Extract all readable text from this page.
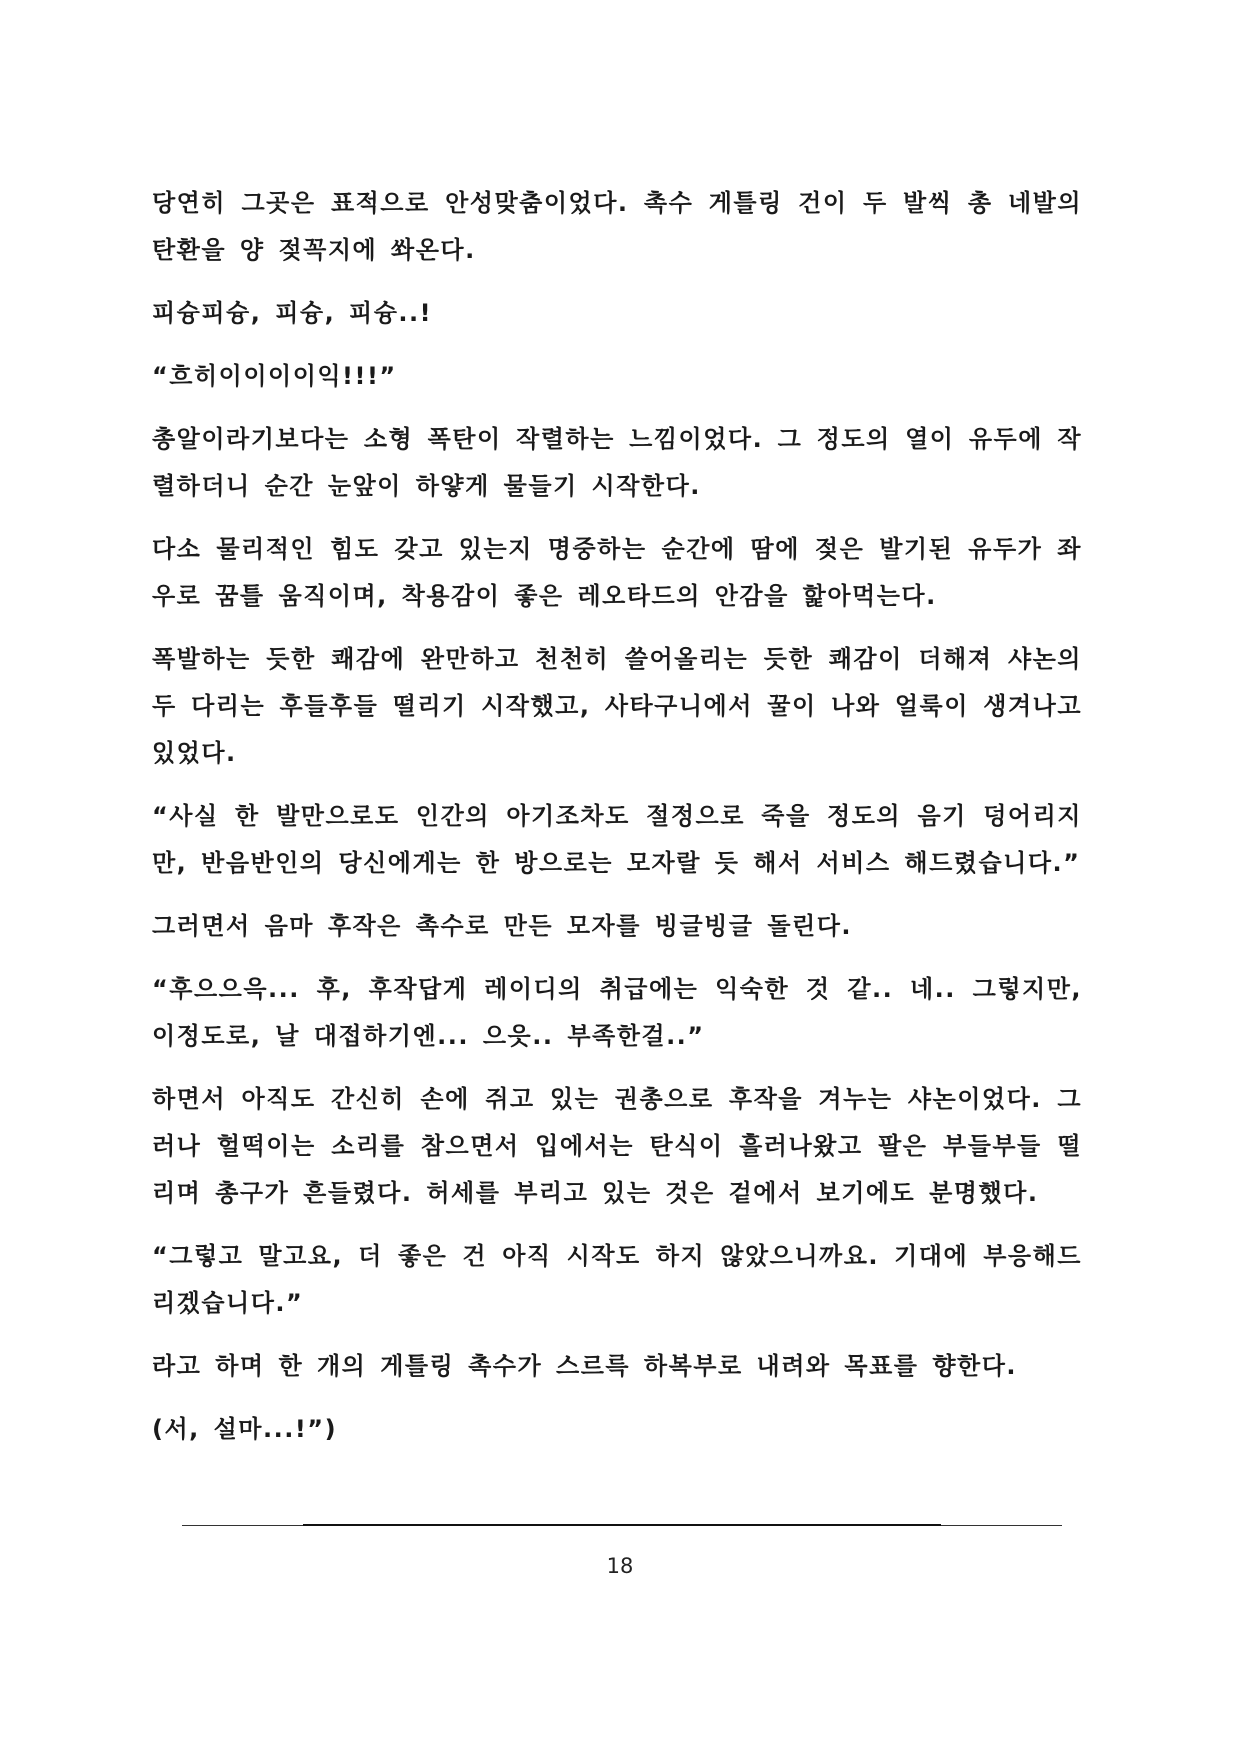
당연히 그곳은 표적으로 안성맞춤이었다. 촉수 게틀링 건이 두 발씩 총 네발의 탄환을 양 젖꼭지에 쏴온다.

피슝피슝, 피슝, 피슝..!

“흐히이이이이익!!!”

총알이라기보다는 소형 폭탄이 작렬하는 느낌이었다. 그 정도의 열이 유두에 작렬하더니 순간 눈앞이 하얗게 물들기 시작한다.

다소 물리적인 힘도 갖고 있는지 명중하는 순간에 땀에 젖은 발기된 유두가 좌우로 꿈틀 움직이며, 착용감이 좋은 레오타드의 안감을 핥아먹는다.

폭발하는 듯한 쾌감에 완만하고 천천히 쓸어올리는 듯한 쾌감이 더해져 샤논의 두 다리는 후들후들 떨리기 시작했고, 사타구니에서 꿀이 나와 얼룩이 생겨나고 있었다.

“사실 한 발만으로도 인간의 아기조차도 절정으로 죽을 정도의 음기 덩어리지만, 반음반인의 당신에게는 한 방으로는 모자랄 듯 해서 서비스 해드렸습니다.”

그러면서 음마 후작은 촉수로 만든 모자를 빙글빙글 돌린다.

“후으으윽... 후, 후작답게 레이디의 취급에는 익숙한 것 같.. 네.. 그렇지만, 이정도로, 날 대접하기엔... 으읏.. 부족한걸..”

하면서 아직도 간신히 손에 쥐고 있는 권총으로 후작을 겨누는 샤논이었다. 그러나 헐떡이는 소리를 참으면서 입에서는 탄식이 흘러나왔고 팔은 부들부들 떨리며 총구가 흔들렸다. 허세를 부리고 있는 것은 겉에서 보기에도 분명했다.

“그렇고 말고요, 더 좋은 건 아직 시작도 하지 않았으니까요. 기대에 부응해드리겠습니다.”

라고 하며 한 개의 게틀링 촉수가 스르륵 하복부로 내려와 목표를 향한다.

(서, 설마...!”)

18
